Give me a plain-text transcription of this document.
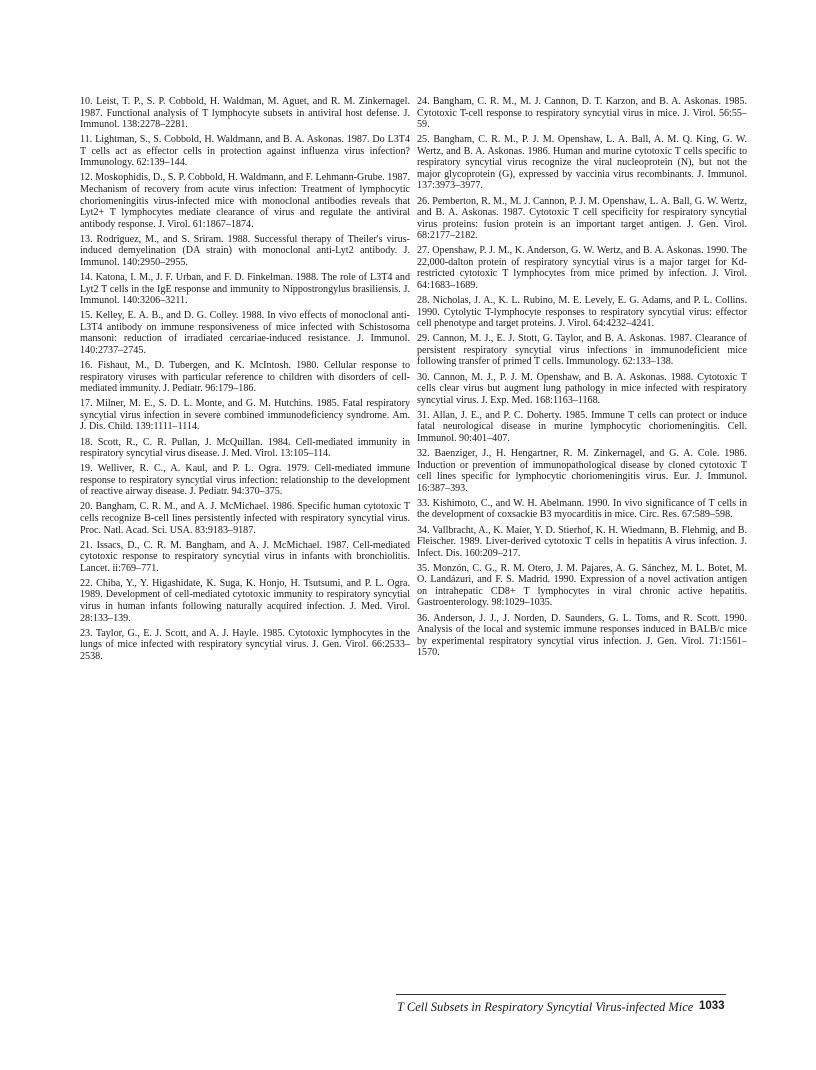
10. Leist, T. P., S. P. Cobbold, H. Waldman, M. Aguet, and R. M. Zinkernagel. 1987. Functional analysis of T lymphocyte subsets in antiviral host defense. J. Immunol. 138:2278–2281.

11. Lightman, S., S. Cobbold, H. Waldmann, and B. A. Askonas. 1987. Do L3T4 T cells act as effector cells in protection against influenza virus infection? Immunology. 62:139–144.

12. Moskophidis, D., S. P. Cobbold, H. Waldmann, and F. Lehmann-Grube. 1987. Mechanism of recovery from acute virus infection: Treatment of lymphocytic choriomeningitis virus-infected mice with monoclonal antibodies reveals that Lyt2+ T lymphocytes mediate clearance of virus and regulate the antiviral antibody response. J. Virol. 61:1867–1874.

13. Rodriguez, M., and S. Sriram. 1988. Successful therapy of Theiler's virus-induced demyelination (DA strain) with monoclonal anti-Lyt2 antibody. J. Immunol. 140:2950–2955.

14. Katona, I. M., J. F. Urban, and F. D. Finkelman. 1988. The role of L3T4 and Lyt2 T cells in the IgE response and immunity to Nippostrongylus brasiliensis. J. Immunol. 140:3206–3211.

15. Kelley, E. A. B., and D. G. Colley. 1988. In vivo effects of monoclonal anti-L3T4 antibody on immune responsiveness of mice infected with Schistosoma mansoni: reduction of irradiated cercariae-induced resistance. J. Immunol. 140:2737–2745.

16. Fishaut, M., D. Tubergen, and K. McIntosh. 1980. Cellular response to respiratory viruses with particular reference to children with disorders of cell-mediated immunity. J. Pediatr. 96:179–186.

17. Milner, M. E., S. D. L. Monte, and G. M. Hutchins. 1985. Fatal respiratory syncytial virus infection in severe combined immunodeficiency syndrome. Am. J. Dis. Child. 139:1111–1114.

18. Scott, R., C. R. Pullan, J. McQuillan. 1984. Cell-mediated immunity in respiratory syncytial virus disease. J. Med. Virol. 13:105–114.

19. Welliver, R. C., A. Kaul, and P. L. Ogra. 1979. Cell-mediated immune response to respiratory syncytial virus infection: relationship to the development of reactive airway disease. J. Pediatr. 94:370–375.

20. Bangham, C. R. M., and A. J. McMichael. 1986. Specific human cytotoxic T cells recognize B-cell lines persistently infected with respiratory syncytial virus. Proc. Natl. Acad. Sci. USA. 83:9183–9187.

21. Issacs, D., C. R. M. Bangham, and A. J. McMichael. 1987. Cell-mediated cytotoxic response to respiratory syncytial virus in infants with bronchiolitis. Lancet. ii:769–771.

22. Chiba, Y., Y. Higashidate, K. Suga, K. Honjo, H. Tsutsumi, and P. L. Ogra. 1989. Development of cell-mediated cytotoxic immunity to respiratory syncytial virus in human infants following naturally acquired infection. J. Med. Virol. 28:133–139.

23. Taylor, G., E. J. Scott, and A. J. Hayle. 1985. Cytotoxic lymphocytes in the lungs of mice infected with respiratory syncytial virus. J. Gen. Virol. 66:2533–2538.

24. Bangham, C. R. M., M. J. Cannon, D. T. Karzon, and B. A. Askonas. 1985. Cytotoxic T-cell response to respiratory syncytial virus in mice. J. Virol. 56:55–59.

25. Bangham, C. R. M., P. J. M. Openshaw, L. A. Ball, A. M. Q. King, G. W. Wertz, and B. A. Askonas. 1986. Human and murine cytotoxic T cells specific to respiratory syncytial virus recognize the viral nucleoprotein (N), but not the major glycoprotein (G), expressed by vaccinia virus recombinants. J. Immunol. 137:3973–3977.

26. Pemberton, R. M., M. J. Cannon, P. J. M. Openshaw, L. A. Ball, G. W. Wertz, and B. A. Askonas. 1987. Cytotoxic T cell specificity for respiratory syncytial virus proteins: fusion protein is an important target antigen. J. Gen. Virol. 68:2177–2182.

27. Openshaw, P. J. M., K. Anderson, G. W. Wertz, and B. A. Askonas. 1990. The 22,000-dalton protein of respiratory syncytial virus is a major target for Kd-restricted cytotoxic T lymphocytes from mice primed by infection. J. Virol. 64:1683–1689.

28. Nicholas, J. A., K. L. Rubino, M. E. Levely, E. G. Adams, and P. L. Collins. 1990. Cytolytic T-lymphocyte responses to respiratory syncytial virus: effector cell phenotype and target proteins. J. Virol. 64:4232–4241.

29. Cannon, M. J., E. J. Stott, G. Taylor, and B. A. Askonas. 1987. Clearance of persistent respiratory syncytial virus infections in immunodeficient mice following transfer of primed T cells. Immunology. 62:133–138.

30. Cannon, M. J., P. J. M. Openshaw, and B. A. Askonas. 1988. Cytotoxic T cells clear virus but augment lung pathology in mice infected with respiratory syncytial virus. J. Exp. Med. 168:1163–1168.

31. Allan, J. E., and P. C. Doherty. 1985. Immune T cells can protect or induce fatal neurological disease in murine lymphocytic choriomeningitis. Cell. Immunol. 90:401–407.

32. Baenziger, J., H. Hengartner, R. M. Zinkernagel, and G. A. Cole. 1986. Induction or prevention of immunopathological disease by cloned cytotoxic T cell lines specific for lymphocytic choriomeningitis virus. Eur. J. Immunol. 16:387–393.

33. Kishimoto, C., and W. H. Abelmann. 1990. In vivo significance of T cells in the development of coxsackie B3 myocarditis in mice. Circ. Res. 67:589–598.

34. Vallbracht, A., K. Maier, Y. D. Stierhof, K. H. Wiedmann, B. Flehmig, and B. Fleischer. 1989. Liver-derived cytotoxic T cells in hepatitis A virus infection. J. Infect. Dis. 160:209–217.

35. Monzón, C. G., R. M. Otero, J. M. Pajares, A. G. Sánchez, M. L. Botet, M. O. Landázuri, and F. S. Madrid. 1990. Expression of a novel activation antigen on intrahepatic CD8+ T lymphocytes in viral chronic active hepatitis. Gastroenterology. 98:1029–1035.

36. Anderson, J. J., J. Norden, D. Saunders, G. L. Toms, and R. Scott. 1990. Analysis of the local and systemic immune responses induced in BALB/c mice by experimental respiratory syncytial virus infection. J. Gen. Virol. 71:1561–1570.

T Cell Subsets in Respiratory Syncytial Virus-infected Mice 1033
